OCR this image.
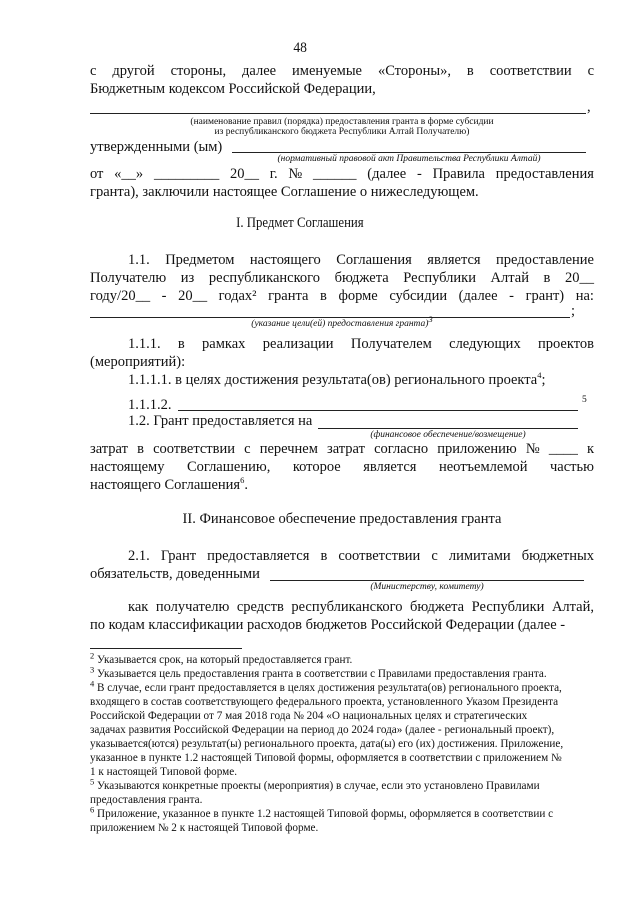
48
с другой стороны, далее именуемые «Стороны», в соответствии с
Бюджетным кодексом Российской Федерации,
,
(наименование правил (порядка) предоставления гранта в форме субсидии
из республиканского бюджета Республики Алтай Получателю)
утвержденными (ым)
(нормативный правовой акт Правительства Республики Алтай)
от «__» _________ 20__ г. № ______ (далее - Правила предоставления
гранта), заключили настоящее Соглашение о нижеследующем.
I. Предмет Соглашения
1.1. Предметом настоящего Соглашения является предоставление
Получателю из республиканского бюджета Республики Алтай в 20__
году/20__ - 20__ годах² гранта в форме субсидии (далее - грант) на:
;
(указание цели(ей) предоставления гранта)$^3$
1.1.1. в рамках реализации Получателем следующих проектов
(мероприятий):
1.1.1.1. в целях достижения результата(ов) регионального проекта$^4$;
1.1.1.2.	5
1.2. Грант предоставляется на
(финансовое обеспечение/возмещение)
затрат в соответствии с перечнем затрат согласно приложению № ____ к
настоящему Соглашению, которое является неотъемлемой частью
настоящего Соглашения$^6$.
II. Финансовое обеспечение предоставления гранта
2.1. Грант предоставляется в соответствии с лимитами бюджетных
обязательств, доведенными
(Министерству, комитету)
как получателю средств республиканского бюджета Республики Алтай,
по кодам классификации расходов бюджетов Российской Федерации (далее -
$^2$ Указывается срок, на который предоставляется грант.
$^3$ Указывается цель предоставления гранта в соответствии с Правилами предоставления гранта.
$^4$ В случае, если грант предоставляется в целях достижения результата(ов) регионального проекта,
входящего в состав соответствующего федерального проекта, установленного Указом Президента
Российской Федерации от 7 мая 2018 года № 204 «О национальных целях и стратегических
задачах развития Российской Федерации на период до 2024 года» (далее - региональный проект),
указывается(ются) результат(ы) регионального проекта, дата(ы) его (их) достижения. Приложение,
указанное в пункте 1.2 настоящей Типовой формы, оформляется в соответствии с приложением №
1 к настоящей Типовой форме.
$^5$ Указываются конкретные проекты (мероприятия) в случае, если это установлено Правилами
предоставления гранта.
$^6$ Приложение, указанное в пункте 1.2 настоящей Типовой формы, оформляется в соответствии с
приложением № 2 к настоящей Типовой форме.
